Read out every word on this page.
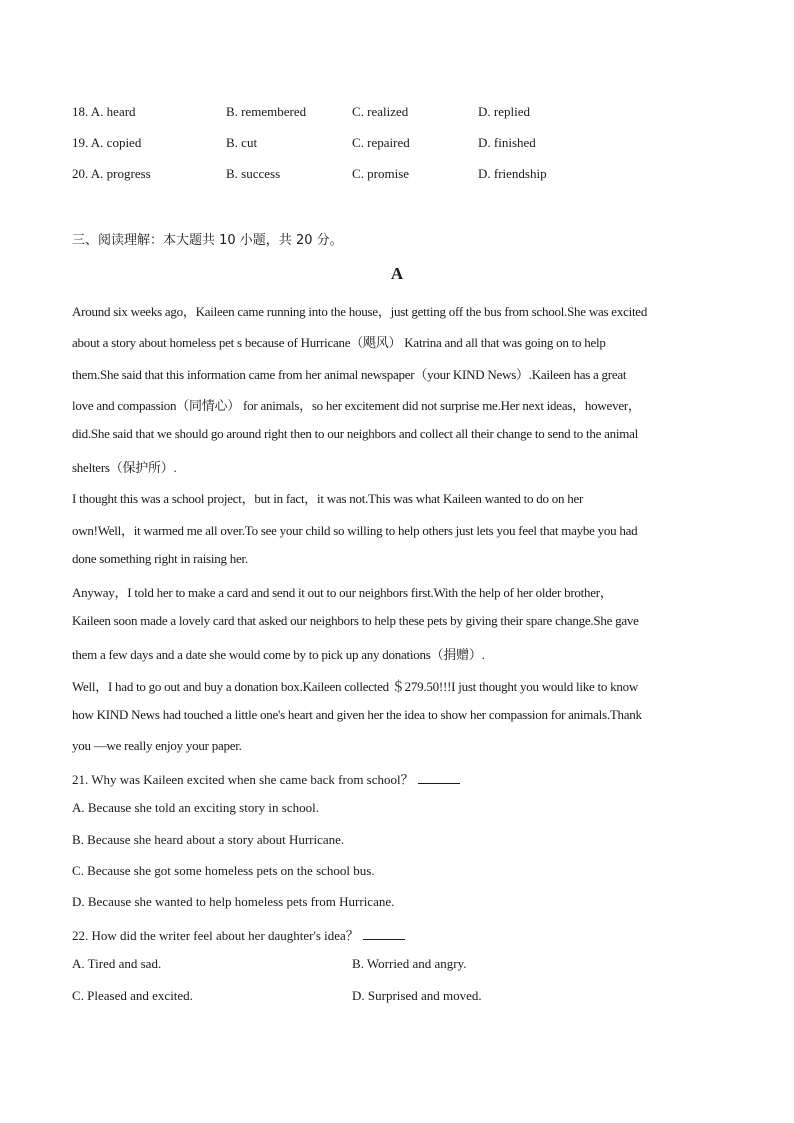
18. A. heard	B. remembered	C. realized	D. replied
19. A. copied	B. cut	C. repaired	D. finished
20. A. progress	B. success	C. promise	D. friendship
三、阅读理解：本大题共 10 小题，共 20 分。
A
Around six weeks ago，Kaileen came running into the house，just getting off the bus from school.She was excited
about a story about homeless pet s because of Hurricane（飓风） Katrina and all that was going on to help
them.She said that this information came from her animal newspaper（your KIND News）.Kaileen has a great
love and compassion（同情心） for animals，so her excitement did not surprise me.Her next ideas，however，
did.She said that we should go around right then to our neighbors and collect all their change to send to the animal
shelters（保护所）.
I thought this was a school project，but in fact，it was not.This was what Kaileen wanted to do on her
own!Well，it warmed me all over.To see your child so willing to help others just lets you feel that maybe you had
done something right in raising her.
Anyway，I told her to make a card and send it out to our neighbors first.With the help of her older brother，
Kaileen soon made a lovely card that asked our neighbors to help these pets by giving their spare change.She gave
them a few days and a date she would come by to pick up any donations（捐赠）.
Well，I had to go out and buy a donation box.Kaileen collected ＄279.50!!!I just thought you would like to know
how KIND News had touched a little one's heart and given her the idea to show her compassion for animals.Thank
you —we really enjoy your paper.
21. Why was Kaileen excited when she came back from school？
A. Because she told an exciting story in school.
B. Because she heard about a story about Hurricane.
C. Because she got some homeless pets on the school bus.
D. Because she wanted to help homeless pets from Hurricane.
22. How did the writer feel about her daughter's idea？
A. Tired and sad.	B. Worried and angry.
C. Pleased and excited.	D. Surprised and moved.
